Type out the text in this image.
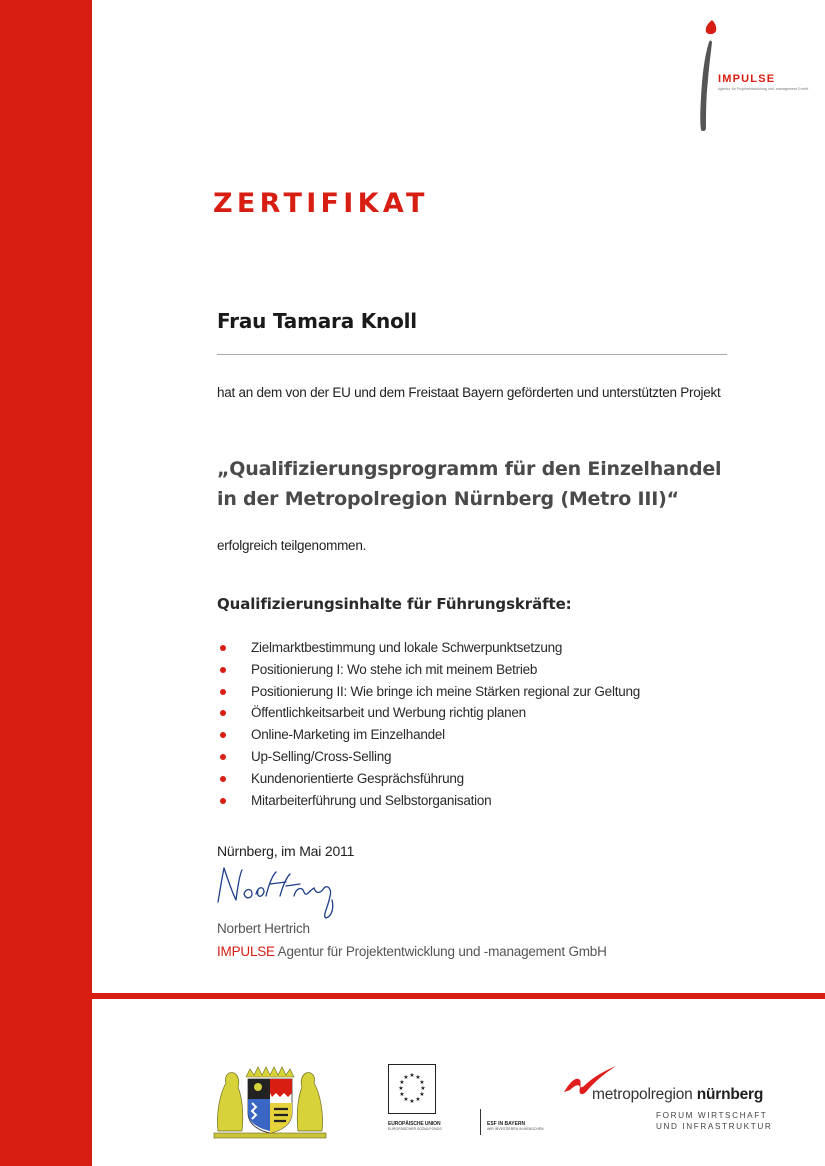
IMPULSE
Agentur für Projektentwicklung und -management GmbH
ZERTIFIKAT
Frau Tamara Knoll
hat an dem von der EU und dem Freistaat Bayern geförderten und unterstützten Projekt
„Qualifizierungsprogramm für den Einzelhandel
in der Metropolregion Nürnberg (Metro III)“
erfolgreich teilgenommen.
Qualifizierungsinhalte für Führungskräfte:
Zielmarktbestimmung und lokale Schwerpunktsetzung
Positionierung I: Wo stehe ich mit meinem Betrieb
Positionierung II: Wie bringe ich meine Stärken regional zur Geltung
Öffentlichkeitsarbeit und Werbung richtig planen
Online-Marketing im Einzelhandel
Up-Selling/Cross-Selling
Kundenorientierte Gesprächsführung
Mitarbeiterführung und Selbstorganisation
Nürnberg, im Mai 2011
Norbert Hertrich
IMPULSE Agentur für Projektentwicklung und -management GmbH
★ ★
★
★
★
★
★
★
★
★
★
★
EUROPÄISCHE UNION
EUROPÄISCHER SOZIALFONDS
ESF IN BAYERN
WIR INVESTIEREN IN MENSCHEN
metropolregion nürnberg
FORUM WIRTSCHAFT
UND INFRASTRUKTUR
